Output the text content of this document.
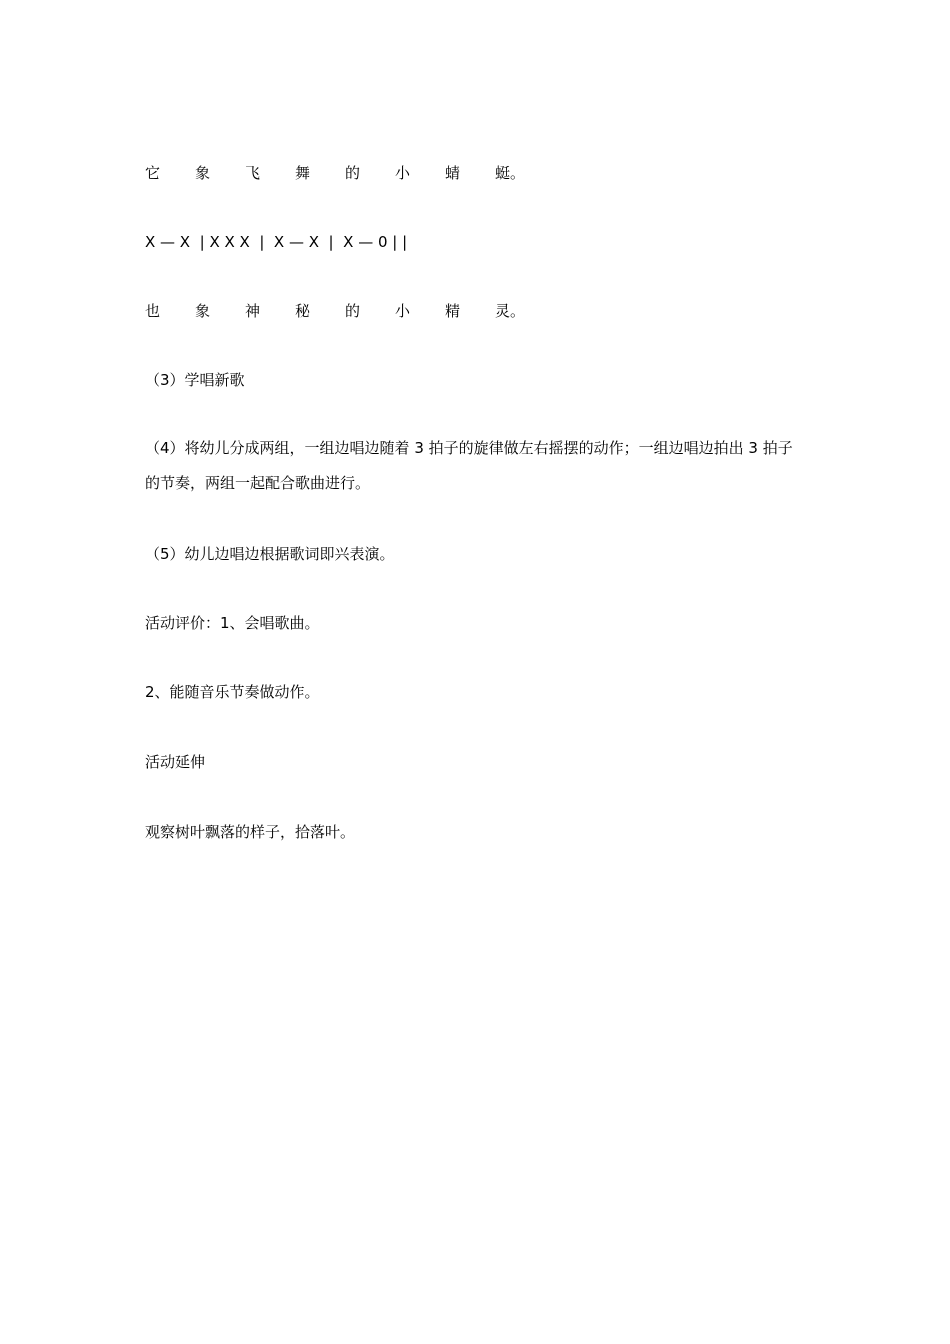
它	象	飞	舞	的	小	蜻	蜓。
X — X  | X X X  |  X — X  |  X — 0 | |
也	象	神	秘	的	小	精	灵。
（3）学唱新歌
（4）将幼儿分成两组，一组边唱边随着 3 拍子的旋律做左右摇摆的动作；一组边唱边拍出 3 拍子的节奏，两组一起配合歌曲进行。
（5）幼儿边唱边根据歌词即兴表演。
活动评价：1、会唱歌曲。
2、能随音乐节奏做动作。
活动延伸
观察树叶飘落的样子，拾落叶。
